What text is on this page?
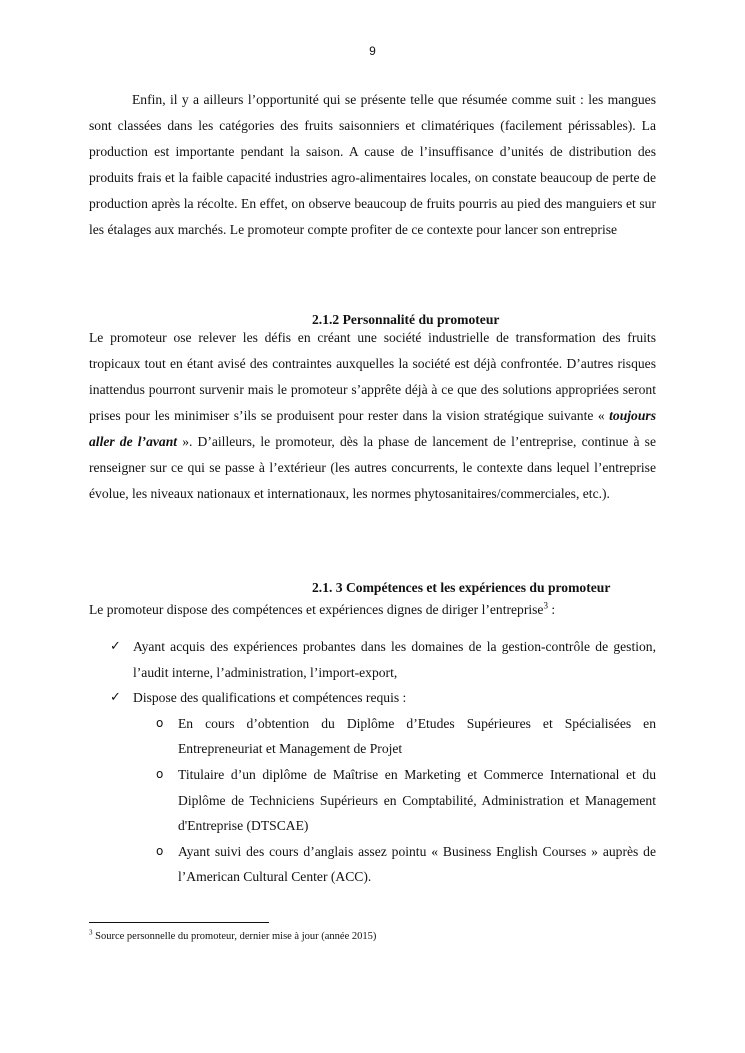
9

Enfin, il y a ailleurs l’opportunité qui se présente telle que résumée comme suit : les mangues sont classées dans les catégories des fruits saisonniers et climatériques (facilement périssables). La production est importante pendant la saison. A cause de l’insuffisance d’unités de distribution des produits frais et la faible capacité industries agro-alimentaires locales, on constate beaucoup de perte de production après la récolte. En effet, on observe beaucoup de fruits pourris au pied des manguiers et sur les étalages aux marchés. Le promoteur compte profiter de ce contexte pour lancer son entreprise

2.1.2 Personnalité du promoteur

Le promoteur ose relever les défis en créant une société industrielle de transformation des fruits tropicaux tout en étant avisé des contraintes auxquelles la société est déjà confrontée. D’autres risques inattendus pourront survenir mais le promoteur s’apprête déjà à ce que des solutions appropriées seront prises pour les minimiser s’ils se produisent pour rester dans la vision stratégique suivante « toujours aller de l’avant ». D’ailleurs, le promoteur, dès la phase de lancement de l’entreprise, continue à se renseigner sur ce qui se passe à l’extérieur (les autres concurrents, le contexte dans lequel l’entreprise évolue, les niveaux nationaux et internationaux, les normes phytosanitaires/commerciales, etc.).

2.1. 3 Compétences et les expériences du promoteur

Le promoteur dispose des compétences et expériences dignes de diriger l’entreprise$^3$ :

✓ Ayant acquis des expériences probantes dans les domaines de la gestion-contrôle de gestion, l’audit interne, l’administration, l’import-export,
✓ Dispose des qualifications et compétences requis :
o En cours d’obtention du Diplôme d’Etudes Supérieures et Spécialisées en Entrepreneuriat et Management de Projet
o Titulaire d’un diplôme de Maîtrise en Marketing et Commerce International et du Diplôme de Techniciens Supérieurs en Comptabilité, Administration et Management d'Entreprise (DTSCAE)
o Ayant suivi des cours d’anglais assez pointu « Business English Courses » auprès de l’American Cultural Center (ACC).
$^3$ Source personnelle du promoteur, dernier mise à jour (année 2015)
